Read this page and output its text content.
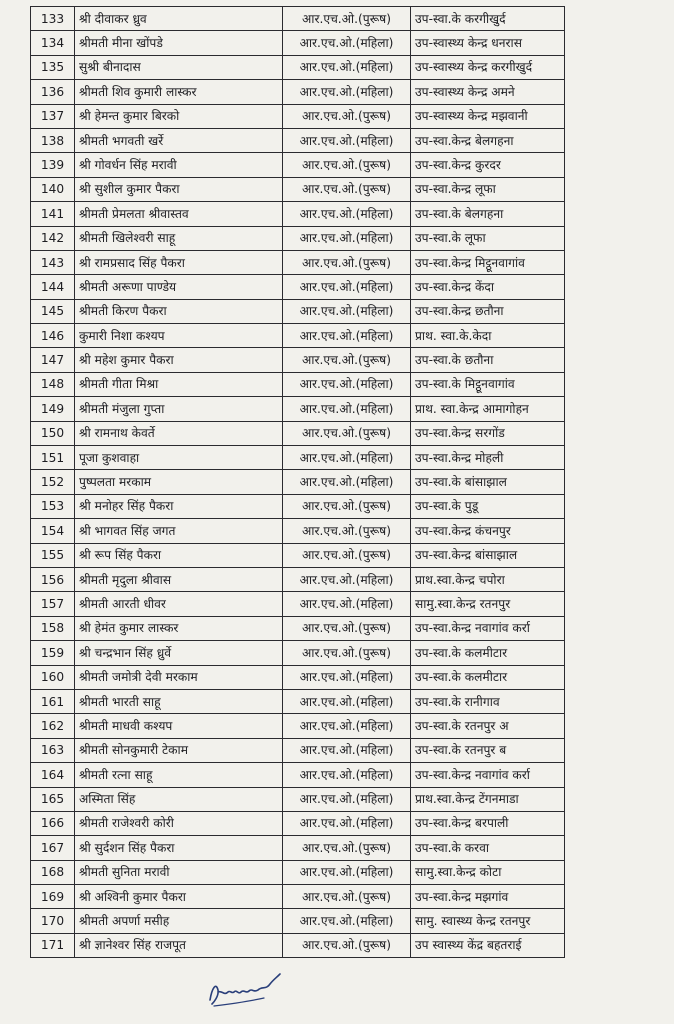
133	श्री दीवाकर ध्रुव	आर.एच.ओ.(पुरूष)	उप-स्वा.के करगीखुर्द
134	श्रीमती मीना खोंपडे	आर.एच.ओ.(महिला)	उप-स्वास्थ्य केन्द्र धनरास
135	सुश्री बीनादास	आर.एच.ओ.(महिला)	उप-स्वास्थ्य केन्द्र करगीखुर्द
136	श्रीमती शिव कुमारी लास्कर	आर.एच.ओ.(महिला)	उप-स्वास्थ्य केन्द्र अमने
137	श्री हेमन्त कुमार बिरको	आर.एच.ओ.(पुरूष)	उप-स्वास्थ्य केन्द्र मझवानी
138	श्रीमती भगवती खर्रे	आर.एच.ओ.(महिला)	उप-स्वा.केन्द्र बेलगहना
139	श्री गोवर्धन सिंह मरावी	आर.एच.ओ.(पुरूष)	उप-स्वा.केन्द्र कुरदर
140	श्री सुशील कुमार पैकरा	आर.एच.ओ.(पुरूष)	उप-स्वा.केन्द्र लूफा
141	श्रीमती प्रेमलता श्रीवास्तव	आर.एच.ओ.(महिला)	उप-स्वा.के बेलगहना
142	श्रीमती खिलेश्वरी साहू	आर.एच.ओ.(महिला)	उप-स्वा.के लूफा
143	श्री रामप्रसाद सिंह पैकरा	आर.एच.ओ.(पुरूष)	उप-स्वा.केन्द्र मिट्ठूनवागांव
144	श्रीमती अरूणा पाण्डेय	आर.एच.ओ.(महिला)	उप-स्वा.केन्द्र केंदा
145	श्रीमती किरण पैकरा	आर.एच.ओ.(महिला)	उप-स्वा.केन्द्र छतौना
146	कुमारी निशा कश्यप	आर.एच.ओ.(महिला)	प्राथ. स्वा.के.केदा
147	श्री महेश कुमार पैकरा	आर.एच.ओ.(पुरूष)	उप-स्वा.के छतौना
148	श्रीमती गीता मिश्रा	आर.एच.ओ.(महिला)	उप-स्वा.के मिट्ठूनवागांव
149	श्रीमती मंजुला गुप्ता	आर.एच.ओ.(महिला)	प्राथ. स्वा.केन्द्र आमागोहन
150	श्री रामनाथ केवर्ते	आर.एच.ओ.(पुरूष)	उप-स्वा.केन्द्र सरगोंड
151	पूजा कुशवाहा	आर.एच.ओ.(महिला)	उप-स्वा.केन्द्र मोहली
152	पुष्पलता मरकाम	आर.एच.ओ.(महिला)	उप-स्वा.के बांसाझाल
153	श्री मनोहर सिंह पैकरा	आर.एच.ओ.(पुरूष)	उप-स्वा.के पुडू
154	श्री भागवत सिंह जगत	आर.एच.ओ.(पुरूष)	उप-स्वा.केन्द्र कंचनपुर
155	श्री रूप सिंह पैकरा	आर.एच.ओ.(पुरूष)	उप-स्वा.केन्द्र बांसाझाल
156	श्रीमती मृदुला श्रीवास	आर.एच.ओ.(महिला)	प्राथ.स्वा.केन्द्र चपोरा
157	श्रीमती आरती धीवर	आर.एच.ओ.(महिला)	सामु.स्वा.केन्द्र रतनपुर
158	श्री हेमंत कुमार लास्कर	आर.एच.ओ.(पुरूष)	उप-स्वा.केन्द्र नवागांव कर्रा
159	श्री चन्द्रभान सिंह ध्रुर्वे	आर.एच.ओ.(पुरूष)	उप-स्वा.के कलमीटार
160	श्रीमती जमोत्री देवी मरकाम	आर.एच.ओ.(महिला)	उप-स्वा.के कलमीटार
161	श्रीमती भारती साहू	आर.एच.ओ.(महिला)	उप-स्वा.के रानीगाव
162	श्रीमती माधवी कश्यप	आर.एच.ओ.(महिला)	उप-स्वा.के रतनपुर अ
163	श्रीमती सोनकुमारी टेकाम	आर.एच.ओ.(महिला)	उप-स्वा.के रतनपुर ब
164	श्रीमती रत्ना साहू	आर.एच.ओ.(महिला)	उप-स्वा.केन्द्र नवागांव कर्रा
165	अस्मिता सिंह	आर.एच.ओ.(महिला)	प्राथ.स्वा.केन्द्र टेंगनमाडा
166	श्रीमती राजेश्वरी कोरी	आर.एच.ओ.(महिला)	उप-स्वा.केन्द्र बरपाली
167	श्री सुर्दशन सिंह पैकरा	आर.एच.ओ.(पुरूष)	उप-स्वा.के करवा
168	श्रीमती सुनिता मरावी	आर.एच.ओ.(महिला)	सामु.स्वा.केन्द्र कोटा
169	श्री अश्विनी कुमार पैकरा	आर.एच.ओ.(पुरूष)	उप-स्वा.केन्द्र मझगांव
170	श्रीमती अपर्णा मसीह	आर.एच.ओ.(महिला)	सामु. स्वास्थ्य केन्द्र रतनपुर
171	श्री ज्ञानेश्वर सिंह राजपूत	आर.एच.ओ.(पुरूष)	उप स्वास्थ्य केंद्र बहतराई
